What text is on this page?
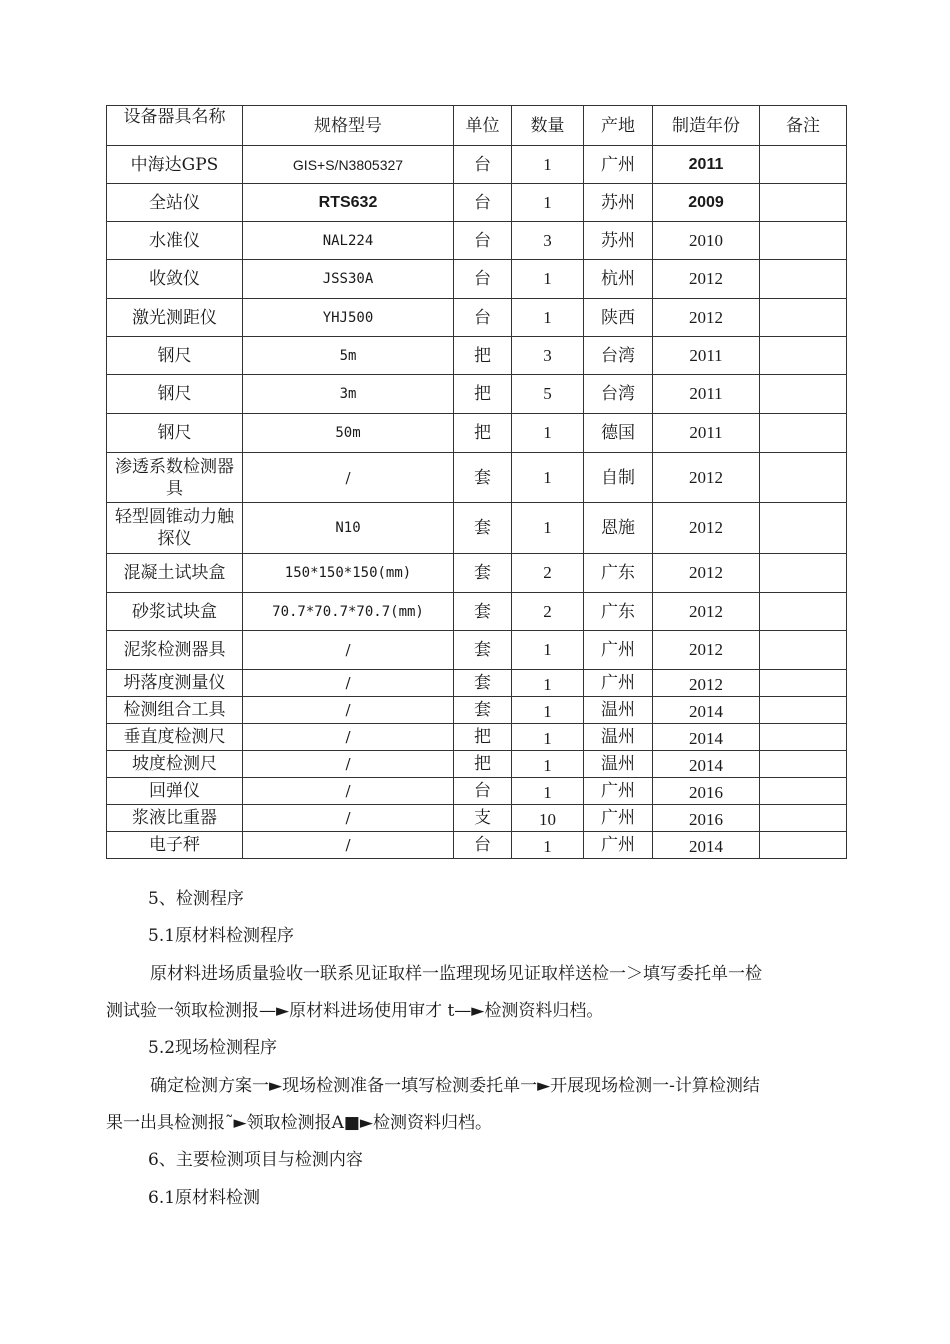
设备器具名称	规格型号	单位	数量	产地	制造年份	备注
中海达GPS	GIS+S/N3805327	台	1	广州	2011	
全站仪	RTS632	台	1	苏州	2009	
水准仪	NAL224	台	3	苏州	2010	
收敛仪	JSS30A	台	1	杭州	2012	
激光测距仪	YHJ500	台	1	陕西	2012	
钢尺	5m	把	3	台湾	2011	
钢尺	3m	把	5	台湾	2011	
钢尺	50m	把	1	德国	2011	
渗透系数检测器具	/	套	1	自制	2012	
轻型圆锥动力触探仪	N10	套	1	恩施	2012	
混凝土试块盒	150*150*150(mm)	套	2	广东	2012	
砂浆试块盒	70.7*70.7*70.7(mm)	套	2	广东	2012	
泥浆检测器具	/	套	1	广州	2012	
坍落度测量仪	/	套	1	广州	2012	
检测组合工具	/	套	1	温州	2014	
垂直度检测尺	/	把	1	温州	2014	
坡度检测尺	/	把	1	温州	2014	
回弹仪	/	台	1	广州	2016	
浆液比重器	/	支	10	广州	2016	
电子秤	/	台	1	广州	2014	
5、检测程序
5.1原材料检测程序
原材料进场质量验收一联系见证取样一监理现场见证取样送检一＞填写委托单一检
测试验一领取检测报—►原材料进场使用审才 t—►检测资料归档。
5.2现场检测程序
确定检测方案一►现场检测准备一填写检测委托单一►开展现场检测一-计算检测结
果一出具检测报˜►领取检测报A■►检测资料归档。
6、主要检测项目与检测内容
6.1原材料检测
